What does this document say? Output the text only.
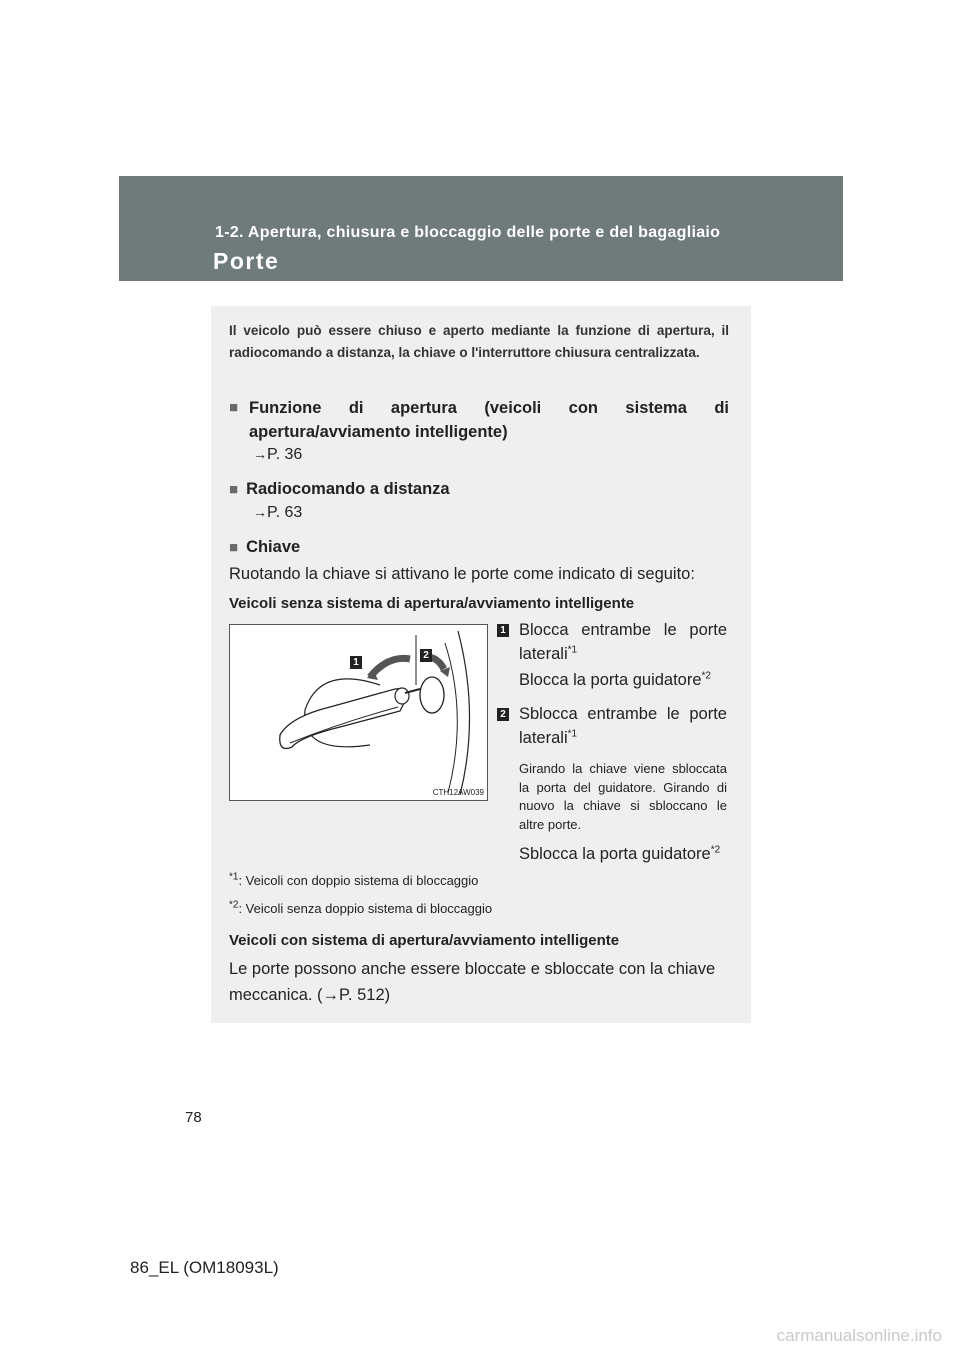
1-2. Apertura, chiusura e bloccaggio delle porte e del bagagliaio
Porte
Il veicolo può essere chiuso e aperto mediante la funzione di apertura, il radiocomando a distanza, la chiave o l'interruttore chiusura centralizzata.
■ Funzione di apertura (veicoli con sistema di apertura/avviamento intelligente)
→P. 36
■ Radiocomando a distanza
→P. 63
■ Chiave
Ruotando la chiave si attivano le porte come indicato di seguito:
Veicoli senza sistema di apertura/avviamento intelligente
1
2
CTH12AW039
1 Blocca entrambe le porte laterali$^{*1}$

Blocca la porta guidatore$^{*2}$

2 Sblocca entrambe le porte laterali$^{*1}$

Girando la chiave viene sbloccata la porta del guidatore. Girando di nuovo la chiave si sbloccano le altre porte.

Sblocca la porta guidatore$^{*2}$

$^{*1}$: Veicoli con doppio sistema di bloccaggio
$^{*2}$: Veicoli senza doppio sistema di bloccaggio
Veicoli con sistema di apertura/avviamento intelligente
Le porte possono anche essere bloccate e sbloccate con la chiave meccanica. (→P. 512)
78
86_EL (OM18093L)
carmanualsonline.info
